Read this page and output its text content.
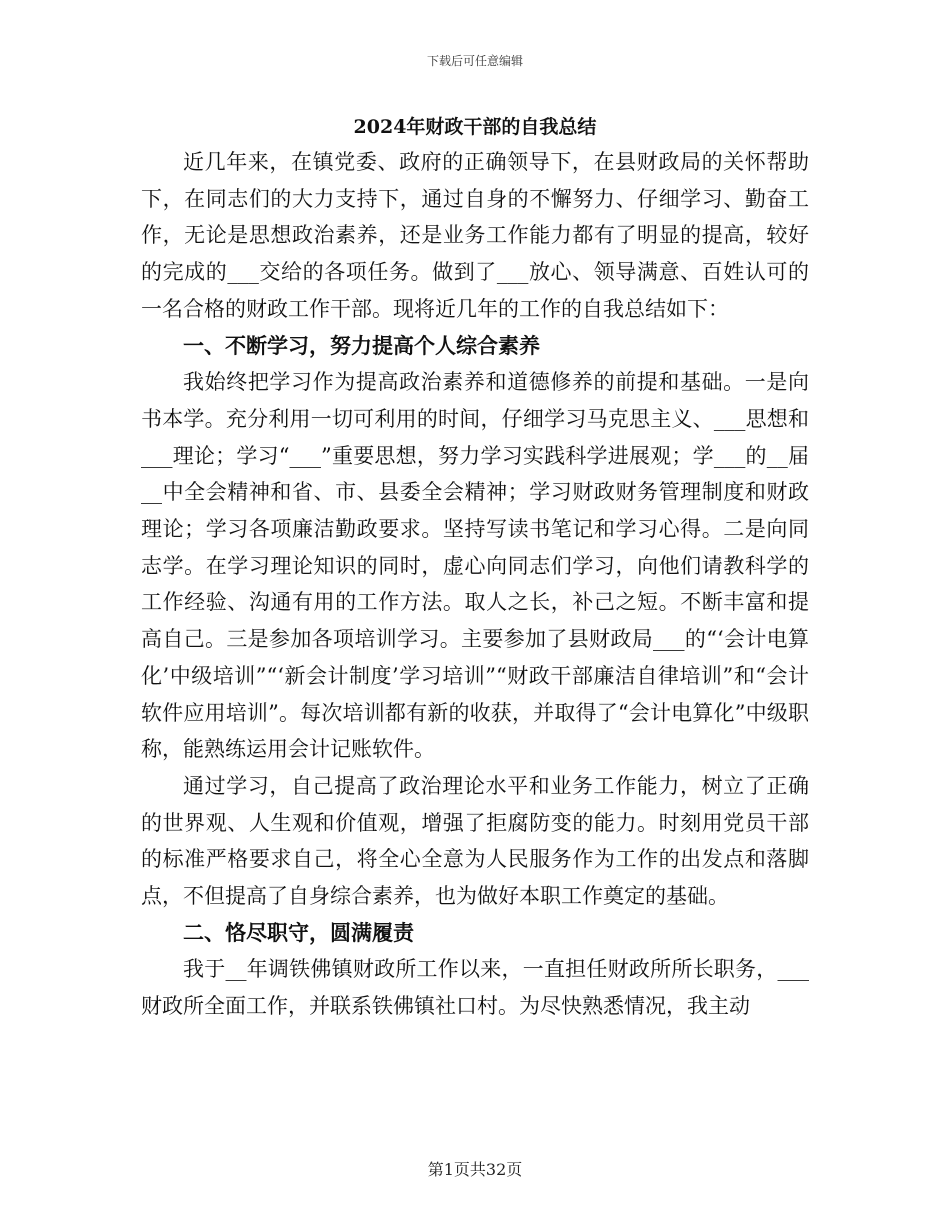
下载后可任意编辑
2024年财政干部的自我总结

近几年来，在镇党委、政府的正确领导下，在县财政局的关怀帮助下，在同志们的大力支持下，通过自身的不懈努力、仔细学习、勤奋工作，无论是思想政治素养，还是业务工作能力都有了明显的提高，较好的完成的___交给的各项任务。做到了___放心、领导满意、百姓认可的一名合格的财政工作干部。现将近几年的工作的自我总结如下：

一、不断学习，努力提高个人综合素养

我始终把学习作为提高政治素养和道德修养的前提和基础。一是向书本学。充分利用一切可利用的时间，仔细学习马克思主义、___思想和___理论；学习“___”重要思想，努力学习实践科学进展观；学___的__届__中全会精神和省、市、县委全会精神；学习财政财务管理制度和财政理论；学习各项廉洁勤政要求。坚持写读书笔记和学习心得。二是向同志学。在学习理论知识的同时，虚心向同志们学习，向他们请教科学的工作经验、沟通有用的工作方法。取人之长，补己之短。不断丰富和提高自己。三是参加各项培训学习。主要参加了县财政局___的“‘会计电算化’中级培训”“‘新会计制度’学习培训”“财政干部廉洁自律培训”和“会计软件应用培训”。每次培训都有新的收获，并取得了“会计电算化”中级职称，能熟练运用会计记账软件。

通过学习，自己提高了政治理论水平和业务工作能力，树立了正确的世界观、人生观和价值观，增强了拒腐防变的能力。时刻用党员干部的标准严格要求自己，将全心全意为人民服务作为工作的出发点和落脚点，不但提高了自身综合素养，也为做好本职工作奠定的基础。

二、恪尽职守，圆满履责

我于__年调铁佛镇财政所工作以来，一直担任财政所所长职务，___财政所全面工作，并联系铁佛镇社口村。为尽快熟悉情况，我主动

第1页共32页
